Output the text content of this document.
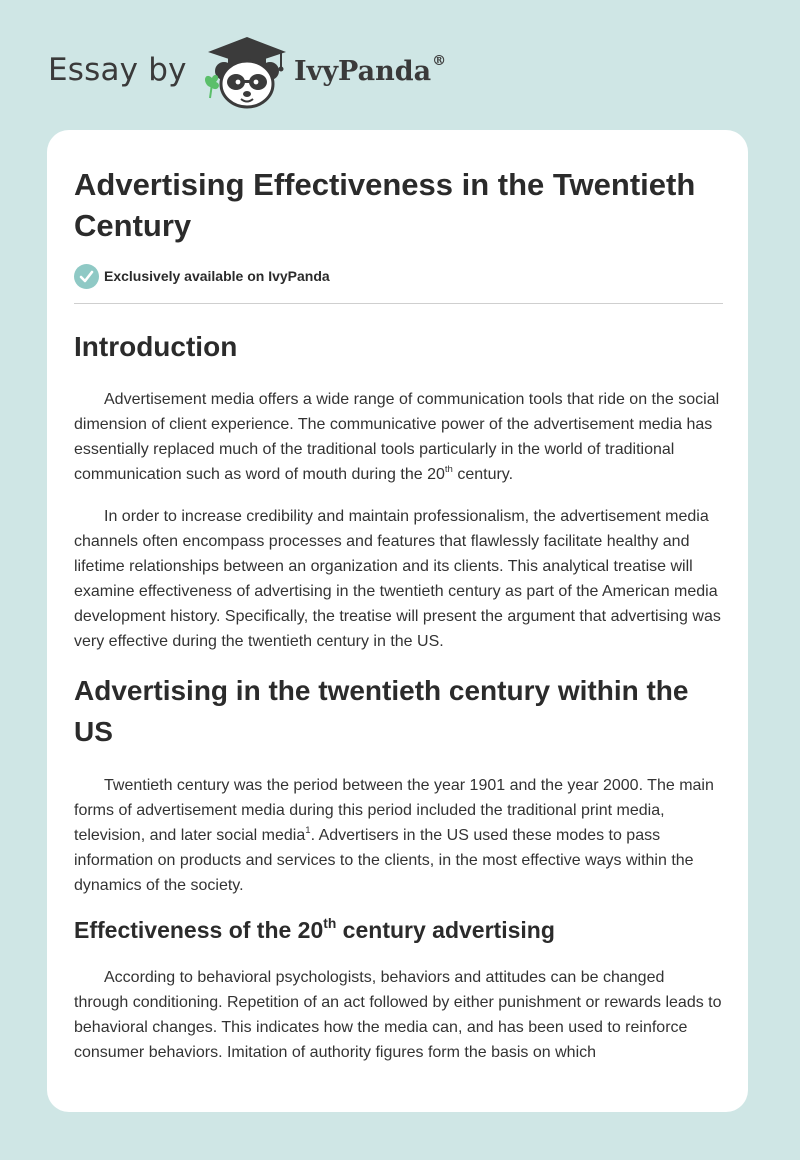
Essay by	IvyPanda®
Advertising Effectiveness in the Twentieth Century
Exclusively available on IvyPanda
Introduction

Advertisement media offers a wide range of communication tools that ride on the social dimension of client experience. The communicative power of the advertisement media has essentially replaced much of the traditional tools particularly in the world of traditional communication such as word of mouth during the 20th century.

In order to increase credibility and maintain professionalism, the advertisement media channels often encompass processes and features that flawlessly facilitate healthy and lifetime relationships between an organization and its clients. This analytical treatise will examine effectiveness of advertising in the twentieth century as part of the American media development history. Specifically, the treatise will present the argument that advertising was very effective during the twentieth century in the US.

Advertising in the twentieth century within the US

Twentieth century was the period between the year 1901 and the year 2000. The main forms of advertisement media during this period included the traditional print media, television, and later social media$^1$. Advertisers in the US used these modes to pass information on products and services to the clients, in the most effective ways within the dynamics of the society.

Effectiveness of the 20th century advertising

According to behavioral psychologists, behaviors and attitudes can be changed through conditioning. Repetition of an act followed by either punishment or rewards leads to behavioral changes. This indicates how the media can, and has been used to reinforce consumer behaviors. Imitation of authority figures form the basis on which
